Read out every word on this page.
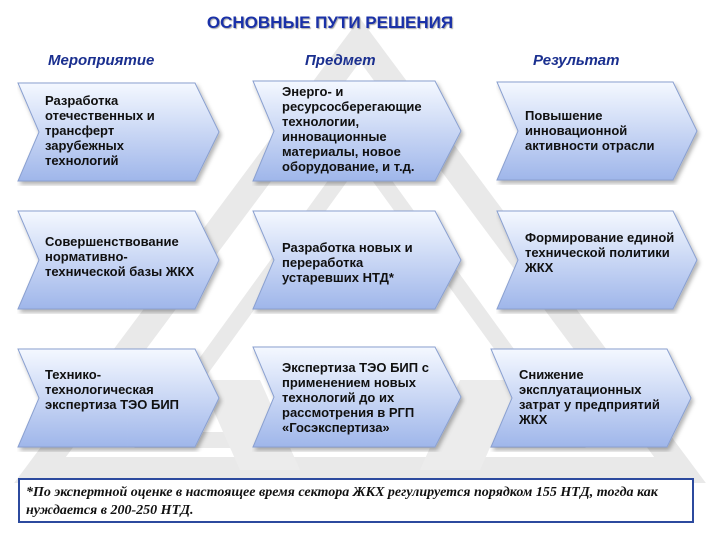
ОСНОВНЫЕ ПУТИ РЕШЕНИЯ
Мероприятие	Предмет	Результат
Разработка отечественных и трансферт зарубежных технологий
Энерго- и ресурсосберегающие технологии, инновационные материалы, новое оборудование, и т.д.
Повышение инновационной активности отрасли
Совершенствование нормативно-технической базы ЖКХ
Разработка новых и переработка устаревших НТД*
Формирование единой технической политики ЖКХ
Технико-технологическая экспертиза ТЭО БИП
Экспертиза ТЭО БИП с применением новых технологий до их рассмотрения в РГП «Госэкспертиза»
Снижение эксплуатационных затрат у предприятий ЖКХ
*По экспертной оценке в настоящее время сектора ЖКХ регулируется порядком 155 НТД, тогда как нуждается в 200-250 НТД.
